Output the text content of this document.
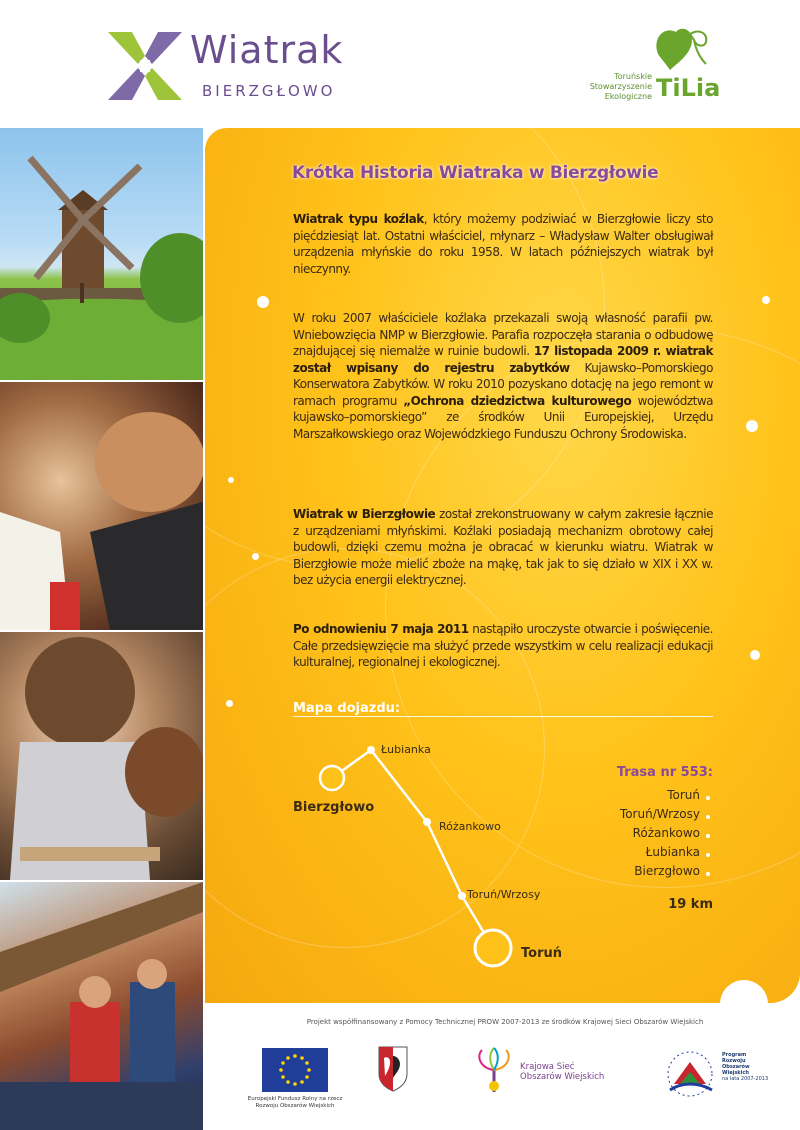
Wiatrak
BIERZGŁOWO
Toruńskie
Stowarzyszenie
Ekologiczne TiLia
Krótka Historia Wiatraka w Bierzgłowie

Wiatrak typu koźlak, który możemy podziwiać w Bierzgłowie liczy sto pięćdziesiąt lat. Ostatni właściciel, młynarz – Władysław Walter obsługiwał urządzenia młyńskie do roku 1958. W latach późniejszych wiatrak był nieczynny.

W roku 2007 właściciele koźlaka przekazali swoją własność parafii pw. Wniebowzięcia NMP w Bierzgłowie. Parafia rozpoczęła starania o odbudowę znajdującej się niemalże w ruinie budowli. 17 listopada 2009 r. wiatrak został wpisany do rejestru zabytków Kujawsko–Pomorskiego Konserwatora Zabytków. W roku 2010 pozyskano dotację na jego remont w ramach programu „Ochrona dziedzictwa kulturowego województwa kujawsko–pomorskiego” ze środków Unii Europejskiej, Urzędu Marszałkowskiego oraz Wojewódzkiego Funduszu Ochrony Środowiska.

Wiatrak w Bierzgłowie został zrekonstruowany w całym zakresie łącznie z urządzeniami młyńskimi. Koźlaki posiadają mechanizm obrotowy całej budowli, dzięki czemu można je obracać w kierunku wiatru. Wiatrak w Bierzgłowie może mielić zboże na mąkę, tak jak to się działo w XIX i XX w. bez użycia energii elektrycznej.

Po odnowieniu 7 maja 2011 nastąpiło uroczyste otwarcie i poświęcenie. Całe przedsięwzięcie ma służyć przede wszystkim w celu realizacji edukacji kulturalnej, regionalnej i ekologicznej.

Mapa dojazdu:
Łubianka
Bierzgłowo
Różankowo
Toruń/Wrzosy
Toruń
Trasa nr 553:
Toruń
Toruń/Wrzosy
Różankowo
Łubianka
Bierzgłowo
19 km
Projekt współfinansowany z Pomocy Technicznej PROW 2007-2013 ze środków Krajowej Sieci Obszarów Wiejskich
Europejski Fundusz Rolny na rzecz Rozwoju Obszarów Wiejskich
Krajowa Sieć
Obszarów Wiejskich
Program
Rozwoju
Obszarów
Wiejskich
na lata 2007-2013
